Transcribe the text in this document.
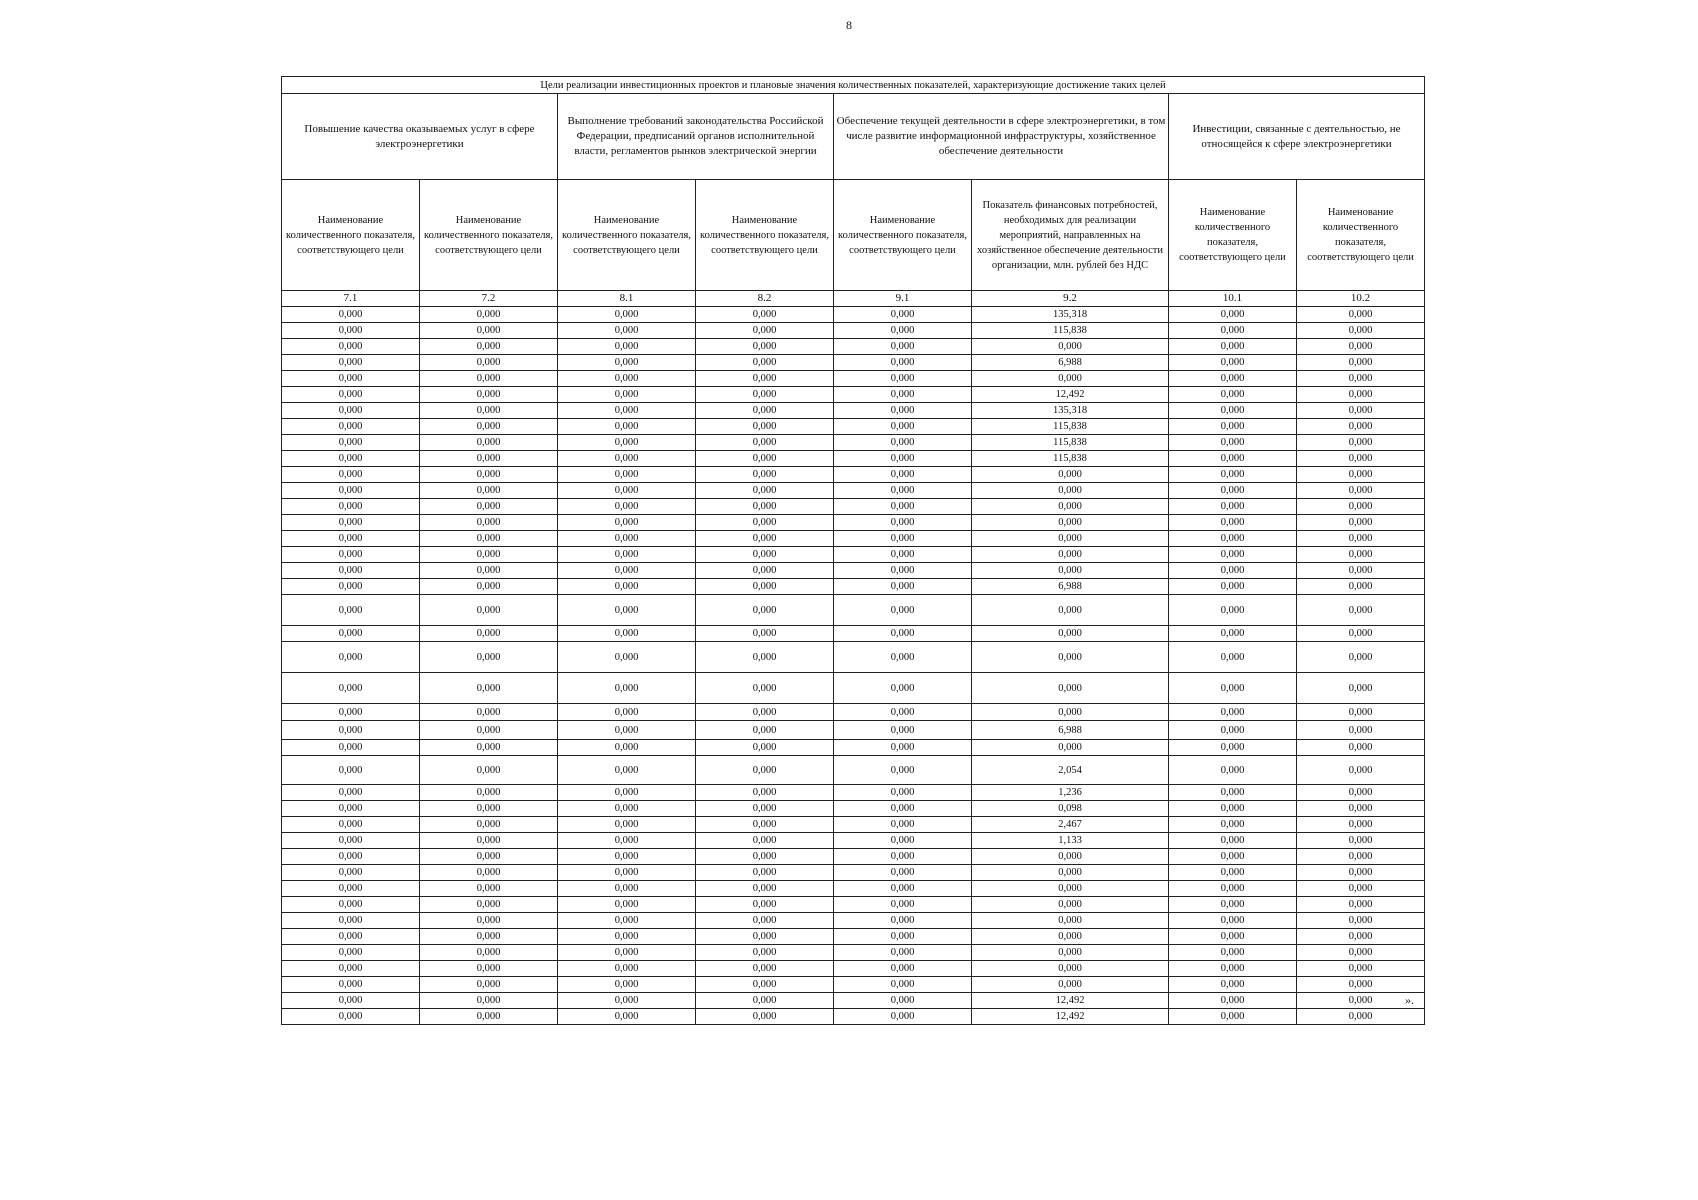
8
Цели реализации инвестиционных проектов и плановые значения количественных показателей, характеризующие достижение таких целей							
Повышение качества оказываемых услуг в сфере электроэнергетики		Выполнение требований законодательства Российской Федерации, предписаний органов исполнительной власти, регламентов рынков электрической энергии		Обеспечение текущей деятельности в сфере электроэнергетики, в том числе развитие информационной инфраструктуры, хозяйственное обеспечение деятельности		Инвестиции, связанные с деятельностью, не относящейся к сфере электроэнергетики	
Наименование количественного показателя, соответствующего цели	Наименование количественного показателя, соответствующего цели	Наименование количественного показателя, соответствующего цели	Наименование количественного показателя, соответствующего цели	Наименование количественного показателя, соответствующего цели	Показатель финансовых потребностей, необходимых для реализации мероприятий, направленных на хозяйственное обеспечение деятельности организации, млн. рублей без НДС	Наименование количественного показателя, соответствующего цели	Наименование количественного показателя, соответствующего цели
7.1	7.2	8.1	8.2	9.1	9.2	10.1	10.2
0,000	0,000	0,000	0,000	0,000	135,318	0,000	0,000
0,000	0,000	0,000	0,000	0,000	115,838	0,000	0,000
0,000	0,000	0,000	0,000	0,000	0,000	0,000	0,000
0,000	0,000	0,000	0,000	0,000	6,988	0,000	0,000
0,000	0,000	0,000	0,000	0,000	0,000	0,000	0,000
0,000	0,000	0,000	0,000	0,000	12,492	0,000	0,000
0,000	0,000	0,000	0,000	0,000	135,318	0,000	0,000
0,000	0,000	0,000	0,000	0,000	115,838	0,000	0,000
0,000	0,000	0,000	0,000	0,000	115,838	0,000	0,000
0,000	0,000	0,000	0,000	0,000	115,838	0,000	0,000
0,000	0,000	0,000	0,000	0,000	0,000	0,000	0,000
0,000	0,000	0,000	0,000	0,000	0,000	0,000	0,000
0,000	0,000	0,000	0,000	0,000	0,000	0,000	0,000
0,000	0,000	0,000	0,000	0,000	0,000	0,000	0,000
0,000	0,000	0,000	0,000	0,000	0,000	0,000	0,000
0,000	0,000	0,000	0,000	0,000	0,000	0,000	0,000
0,000	0,000	0,000	0,000	0,000	0,000	0,000	0,000
0,000	0,000	0,000	0,000	0,000	6,988	0,000	0,000
0,000	0,000	0,000	0,000	0,000	0,000	0,000	0,000
0,000	0,000	0,000	0,000	0,000	0,000	0,000	0,000
0,000	0,000	0,000	0,000	0,000	0,000	0,000	0,000
0,000	0,000	0,000	0,000	0,000	0,000	0,000	0,000
0,000	0,000	0,000	0,000	0,000	0,000	0,000	0,000
0,000	0,000	0,000	0,000	0,000	6,988	0,000	0,000
0,000	0,000	0,000	0,000	0,000	0,000	0,000	0,000
0,000	0,000	0,000	0,000	0,000	2,054	0,000	0,000
0,000	0,000	0,000	0,000	0,000	1,236	0,000	0,000
0,000	0,000	0,000	0,000	0,000	0,098	0,000	0,000
0,000	0,000	0,000	0,000	0,000	2,467	0,000	0,000
0,000	0,000	0,000	0,000	0,000	1,133	0,000	0,000
0,000	0,000	0,000	0,000	0,000	0,000	0,000	0,000
0,000	0,000	0,000	0,000	0,000	0,000	0,000	0,000
0,000	0,000	0,000	0,000	0,000	0,000	0,000	0,000
0,000	0,000	0,000	0,000	0,000	0,000	0,000	0,000
0,000	0,000	0,000	0,000	0,000	0,000	0,000	0,000
0,000	0,000	0,000	0,000	0,000	0,000	0,000	0,000
0,000	0,000	0,000	0,000	0,000	0,000	0,000	0,000
0,000	0,000	0,000	0,000	0,000	0,000	0,000	0,000
0,000	0,000	0,000	0,000	0,000	0,000	0,000	0,000
0,000	0,000	0,000	0,000	0,000	12,492	0,000	0,000
0,000	0,000	0,000	0,000	0,000	12,492	0,000	0,000
».
